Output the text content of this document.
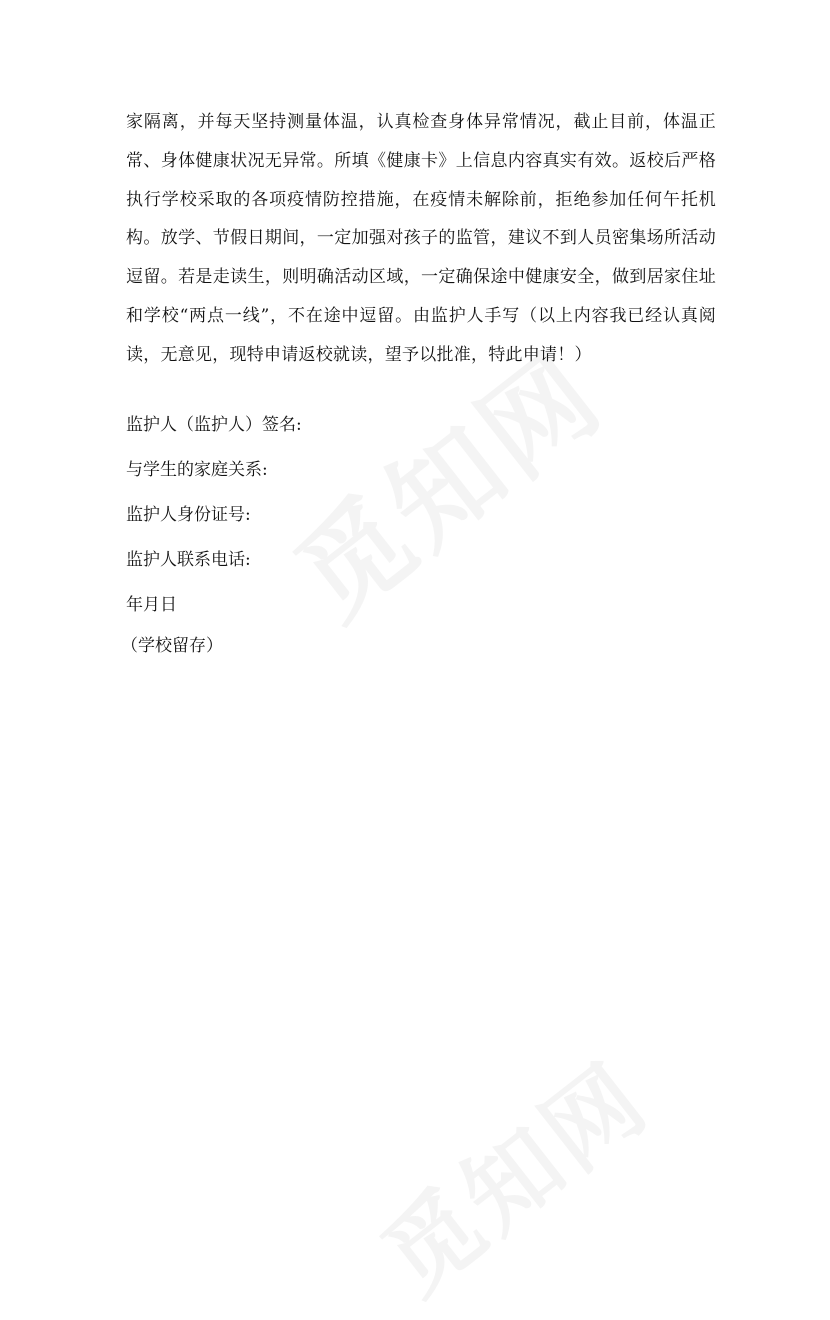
家隔离，并每天坚持测量体温，认真检查身体异常情况，截止目前，体温正常、身体健康状况无异常。所填《健康卡》上信息内容真实有效。返校后严格执行学校采取的各项疫情防控措施，在疫情未解除前，拒绝参加任何午托机构。放学、节假日期间，一定加强对孩子的监管，建议不到人员密集场所活动逗留。若是走读生，则明确活动区域，一定确保途中健康安全，做到居家住址和学校“两点一线”，不在途中逗留。由监护人手写（以上内容我已经认真阅读，无意见，现特申请返校就读，望予以批准，特此申请！）

监护人（监护人）签名:

与学生的家庭关系:

监护人身份证号:

监护人联系电话:

年月日

（学校留存）
